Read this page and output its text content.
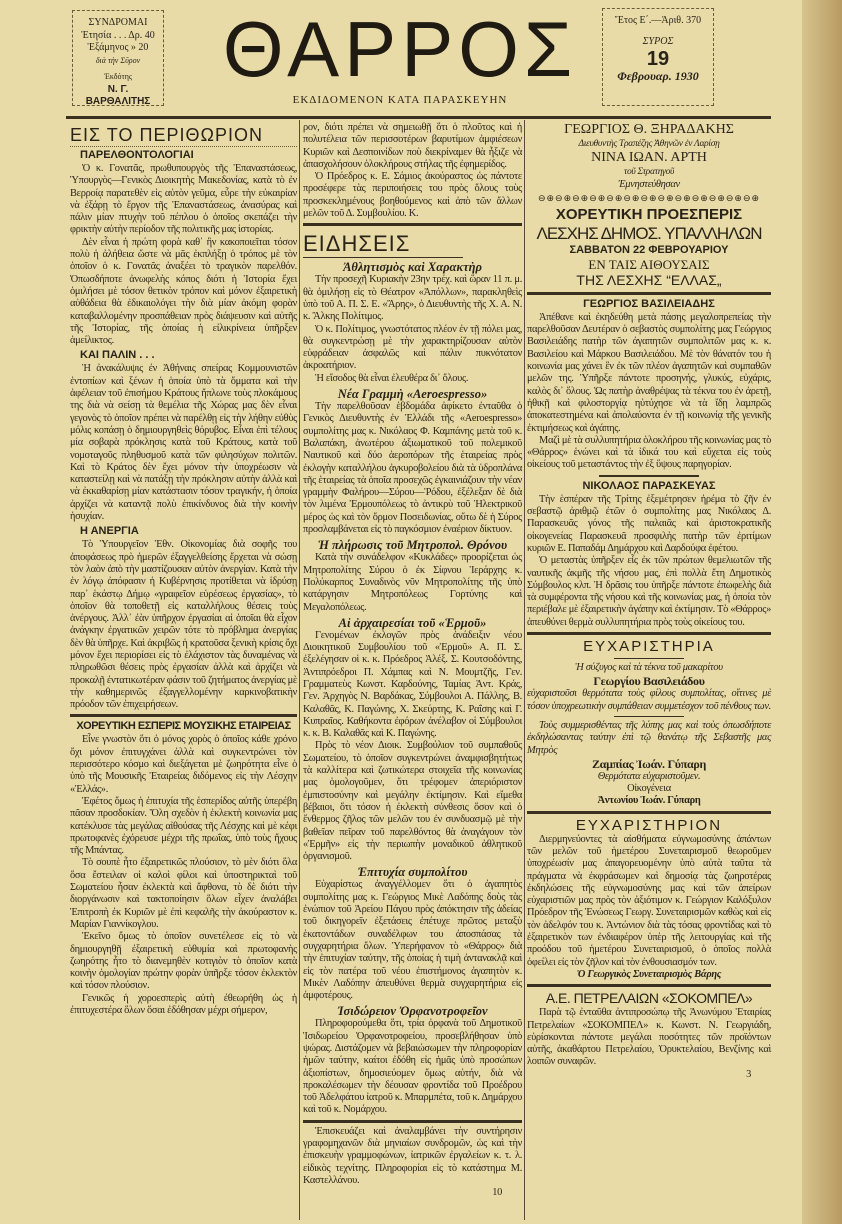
ΣΥΝΔΡΟΜΑΙ
Ἐτησία . . . Δρ. 40
Ἑξάμηνος » 20
διὰ τὴν Σῦρον
Ἐκδότης
Ν. Γ. ΒΑΡΘΑΛΙΤΗΣ
ΘΑΡΡΟΣ
ΕΚΔΙΔΟΜΕΝΟΝ ΚΑΤΑ ΠΑΡΑΣΚΕΥΗΝ
Ἔτος Ε΄.—Ἀριθ. 370
ΣΥΡΟΣ
19
Φεβρουαρ. 1930
ΕΙΣ ΤΟ ΠΕΡΙΘΩΡΙΟΝ
ΠΑΡΕΛΘΟΝΤΟΛΟΓΙΑΙ

Ὁ κ. Γονατᾶς, πρωθυπουργὸς τῆς Ἐπαναστάσεως, Ὑπουργὸς—Γενικὸς Διοικητὴς Μακεδονίας, κατὰ τὸ ἐν Βερροίᾳ παρατεθὲν εἰς αὐτὸν γεῦμα, εὗρε τὴν εὐκαιρίαν νὰ ἐξάρῃ τὸ ἔργον τῆς Ἐπαναστάσεως, ἀνασύρας καὶ πάλιν μίαν πτυχὴν τοῦ πέπλου ὁ ὁποῖος σκεπάζει τὴν φρικτὴν αὐτὴν περίοδον τῆς πολιτικῆς μας ἱστορίας.

Δὲν εἶναι ἡ πρώτη φορὰ καθ᾽ ἣν κακοποιεῖται τόσον πολὺ ἡ ἀλήθεια ὥστε νὰ μᾶς ἐκπλήξῃ ὁ τρόπος μὲ τὸν ὁποῖον ὁ κ. Γονατᾶς ἀναξέει τὸ τραγικὸν παρελθόν. Ὁπωσδήποτε ἀνωφελὴς κόπος διότι ἡ Ἱστορία ἔχει ὁμιλήσει μὲ τόσον θετικὸν τρόπον καὶ μόνον ἐξαιρετικὴ αὐθάδεια θὰ ἐδικαιολόγει τὴν διὰ μίαν ἀκόμη φορὰν καταβαλλομένην προσπάθειαν πρὸς διάψευσιν καὶ αὐτῆς τῆς Ἱστορίας, τῆς ὁποίας ἡ εἰλικρίνεια ὑπῆρξεν ἀμείλικτος.

ΚΑΙ ΠΑΛΙΝ . . .

Ἡ ἀνακάλυψις ἐν Ἀθήναις σπείρας Κομμουνιστῶν ἐντοπίων καὶ ξένων ἡ ὁποία ὑπὸ τὰ ὄμματα καὶ τὴν ἀφέλειαν τοῦ ἐπισήμου Κράτους ἤπλωνε τοὺς πλοκάμους της διὰ νὰ σείσῃ τὰ θεμέλια τῆς Χώρας μας δὲν εἶναι γεγονὸς τὸ ὁποῖον πρέπει νὰ παρέλθῃ εἰς τὴν λήθην εὐθὺς μόλις κοπάσῃ ὁ δημιουργηθεὶς θόρυβος. Εἶναι ἐπὶ τέλους μία σοβαρὰ πρόκλησις κατὰ τοῦ Κράτους, κατὰ τοῦ νομοταγοῦς πληθυσμοῦ κατὰ τῶν φιλησύχων πολιτῶν. Καὶ τὸ Κράτος δὲν ἔχει μόνον τὴν ὑποχρέωσιν νὰ καταστείλῃ καὶ νὰ πατάξῃ τὴν πρόκλησιν αὐτὴν ἀλλὰ καὶ νὰ ἐκκαθαρίσῃ μίαν κατάστασιν τόσον τραγικήν, ἡ ὁποία ἀρχίζει νὰ καταντᾷ πολὺ ἐπικίνδυνος διὰ τὴν κοινὴν ἡσυχίαν.

Η ΑΝΕΡΓΙΑ

Τὸ Ὑπουργεῖον Ἐθν. Οἰκονομίας διὰ σοφῆς του ἀποφάσεως πρὸ ἡμερῶν ἐξαγγελθείσης ἔρχεται νὰ σώσῃ τὸν λαὸν ἀπὸ τὴν μαστίζουσαν αὐτὸν ἀνεργίαν. Κατὰ τὴν ἐν λόγῳ ἀπόφασιν ἡ Κυβέρνησις προτίθεται νὰ ἱδρύσῃ παρ᾽ ἑκάστῳ Δήμῳ «γραφεῖον εὑρέσεως ἐργασίας», τὸ ὁποῖον θὰ τοποθετῇ εἰς καταλλήλους θέσεις τοὺς ἀνέργους. Ἀλλ᾽ ἐὰν ὑπῆρχον ἐργασίαι αἱ ὁποῖαι θὰ εἶχον ἀνάγκην ἐργατικῶν χειρῶν τότε τὸ πρόβλημα ἀνεργίας δὲν θὰ ὑπῆρχε. Καὶ ἀκριβῶς ἡ κρατοῦσα ξενικὴ κρίσις ὄχι μόνον ἔχει περιορίσει εἰς τὸ ἐλάχιστον τὰς δυναμένας νὰ πληρωθῶσι θέσεις πρὸς ἐργασίαν ἀλλὰ καὶ ἀρχίζει νὰ προκαλῇ ἐντατικωτέραν φάσιν τοῦ ζητήματος ἀνεργίας μὲ τὴν καθημερινῶς ἐξαγγελλομένην καρκινοβατικὴν πρόοδον τῶν ἐπιχειρήσεων.

ΧΟΡΕΥΤΙΚΗ ΕΣΠΕΡΙΣ ΜΟΥΣΙΚΗΣ ΕΤΑΙΡΕΙΑΣ

Εἶνε γνωστὸν ὅτι ὁ μόνος χορὸς ὁ ὁποῖος κάθε χρόνο ὄχι μόνον ἐπιτυγχάνει ἀλλὰ καὶ συγκεντρώνει τὸν περισσότερο κόσμο καὶ διεξάγεται μὲ ζωηρότητα εἶνε ὁ ὑπὸ τῆς Μουσικῆς Ἑταιρείας διδόμενος εἰς τὴν Λέσχην «Ἑλλάς».

Ἐφέτος ὅμως ἡ ἐπιτυχία τῆς ἑσπερίδος αὐτῆς ὑπερέβη πᾶσαν προσδοκίαν. Ὅλη σχεδὸν ἡ ἐκλεκτὴ κοινωνία μας κατέκλυσε τὰς μεγάλας αἰθούσας τῆς Λέσχης καὶ μὲ κέφι πρωτοφανὲς ἐχόρευσε μέχρι τῆς πρωΐας, ὑπὸ τοὺς ἤχους τῆς Μπάντας.

Τὸ σουπὲ ἦτο ἐξαιρετικῶς πλούσιον, τὸ μὲν διότι ὅλα ὅσα ἔστειλαν οἱ καλοὶ φίλοι καὶ ὑποστηρικταὶ τοῦ Σωματείου ἦσαν ἐκλεκτὰ καὶ ἄφθονα, τὸ δὲ διότι τὴν διοργάνωσιν καὶ τακτοποίησιν ὅλων εἶχεν ἀναλάβει Ἐπιτροπὴ ἐκ Κυριῶν μὲ ἐπὶ κεφαλῆς τὴν ἀκούραστον κ. Μαρίαν Γιαννίκογλου.

Ἐκεῖνο ὅμως τὸ ὁποῖον συνετέλεσε εἰς τὸ νὰ δημιουργηθῇ ἐξαιρετικὴ εὐθυμία καὶ πρωτοφανὴς ζωηρότης ἦτο τὸ διανεμηθὲν κοτιγιὸν τὸ ὁποῖον κατὰ κοινὴν ὁμολογίαν πρώτην φορὰν ὑπῆρξε τόσον ἐκλεκτὸν καὶ τόσον πλούσιον.

Γενικῶς ἡ χοροεσπερὶς αὐτὴ ἐθεωρήθη ὡς ἡ ἐπιτυχεστέρα ὅλων ὅσαι ἐδόθησαν μέχρι σήμερον,

ρον, διότι πρέπει νὰ σημειωθῇ ὅτι ὁ πλοῦτος καὶ ἡ πολυτέλεια τῶν περισσοτέρων βαρυτίμων ἀμφιέσεων Κυριῶν καὶ Δεσποινίδων ποὺ διεκρίναμεν θὰ ἦξιζε νὰ ἀπασχολήσουν ὁλοκλήρους στήλας τῆς ἐφημερίδος.

Ὁ Πρόεδρος κ. Ε. Σάμιος ἀκούραστος ὡς πάντοτε προσέφερε τὰς περιποιήσεις του πρὸς ὅλους τοὺς προσκεκλημένους βοηθούμενος καὶ ἀπὸ τῶν ἄλλων μελῶν τοῦ Δ. Συμβουλίου. Κ.

ΕΙΔΗΣΕΙΣ
Ἀθλητισμὸς καὶ Χαρακτὴρ

Τὴν προσεχῆ Κυριακὴν 23ην τρέχ. καὶ ὥραν 11 π. μ. θὰ ὁμιλήσῃ εἰς τὸ Θέατρον «Ἀπόλλων», παρακληθεὶς ὑπὸ τοῦ Α. Π. Σ. Ε. «Ἄρης», ὁ Διευθυντὴς τῆς Χ. Α. Ν. κ. Ἄλκης Πολίτιμος.

Ὁ κ. Πολίτιμος, γνωστότατος πλέον ἐν τῇ πόλει μας, θὰ συγκεντρώσῃ μὲ τὴν χαρακτηρίζουσαν αὐτὸν εὐφράδειαν ἀσφαλῶς καὶ πάλιν πυκνότατον ἀκροατήριον.

Ἡ εἴσοδος θὰ εἶναι ἐλευθέρα δι᾽ ὅλους.

Νέα Γραμμὴ «Aeroespresso»

Τὴν παρελθοῦσαν ἑβδομάδα ἀφίκετο ἐνταῦθα ὁ Γενικὸς Διευθυντὴς ἐν Ἑλλάδι τῆς «Aeroespresso» συμπολίτης μας κ. Νικόλαος Φ. Καμπάνης μετὰ τοῦ κ. Βαλαπάκη, ἀνωτέρου ἀξιωματικοῦ τοῦ πολεμικοῦ Ναυτικοῦ καὶ δύο ἀεροπόρων τῆς ἑταιρείας πρὸς ἐκλογὴν καταλλήλου ἀγκυροβολείου διὰ τὰ ὑδροπλάνα τῆς ἑταιρείας τὰ ὁποῖα προσεχῶς ἐγκαινιάζουν τὴν νέαν γραμμὴν Φαλήρου—Σύρου—Ῥόδου, ἐξέλεξαν δὲ διὰ τὸν λιμένα Ἑρμουπόλεως τὸ ἀντικρὺ τοῦ Ἠλεκτρικοῦ μέρος ὡς καὶ τὸν ὅρμον Ποσειδωνίας, οὕτω δὲ ἡ Σύρος προσλαμβάνεται εἰς τὸ παγκόσμιον ἐναέριον δίκτυον.

Ἡ πλήρωσις τοῦ Μητροπολ. Θρόνου

Κατὰ τὴν συνάδελφον «Κυκλάδες» προορίζεται ὡς Μητροπολίτης Σύρου ὁ ἐκ Σίφνου Ἱεράρχης κ. Πολύκαρπος Συναδινὸς νῦν Μητροπολίτης τῆς ὑπὸ κατάργησιν Μητροπόλεως Γορτύνης καὶ Μεγαλοπόλεως.

Αἱ ἀρχαιρεσίαι τοῦ «Ἑρμοῦ»

Γενομένων ἐκλογῶν πρὸς ἀνάδειξιν νέου Διοικητικοῦ Συμβουλίου τοῦ «Ἑρμοῦ» Α. Π. Σ. ἐξελέγησαν οἱ κ. κ. Πρόεδρος Ἀλέξ. Σ. Κουτσοδόντης, Ἀντιπρόεδροι Π. Χάμπας καὶ Ν. Μουμτζῆς, Γεν. Γραμματεὺς Κωνστ. Καρδούνης, Ταμίας Ἀντ. Κράς, Γεν. Ἀρχηγὸς Ν. Βαρδάκας, Σύμβουλοι Α. Πάλλης, Β. Καλαθᾶς, Κ. Παγώνης, Χ. Σκεύρτης, Κ. Ραΐσης καὶ Γ. Κυπραῖος. Καθήκοντα ἐφόρων ἀνέλαβον οἱ Σύμβουλοι κ. κ. Β. Καλαθᾶς καὶ Κ. Παγώνης.

Πρὸς τὸ νέον Διοικ. Συμβούλιον τοῦ συμπαθοῦς Σωματείου, τὸ ὁποῖον συγκεντρώνει ἀναμφισβητήτως τὰ καλλίτερα καὶ ζωτικώτερα στοιχεῖα τῆς κοινωνίας μας ὁμολογοῦμεν, ὅτι τρέφομεν ἀπεριόριστον ἐμπιστοσύνην καὶ μεγάλην ἐκτίμησιν. Καὶ εἴμεθα βέβαιοι, ὅτι τόσον ἡ ἐκλεκτὴ σύνθεσις ὅσον καὶ ὁ ἔνθερμος ζῆλος τῶν μελῶν του ἐν συνδυασμῷ μὲ τὴν βαθεῖαν πεῖραν τοῦ παρελθόντος θὰ ἀναγάγουν τὸν «Ἑρμῆν» εἰς τὴν περιωπὴν μοναδικοῦ ἀθλητικοῦ ὀργανισμοῦ.

Ἐπιτυχία συμπολίτου

Εὐχαρίστως ἀναγγέλλομεν ὅτι ὁ ἀγαπητὸς συμπολίτης μας κ. Γεώργιος Μικὲ Λαδόπης δοὺς τὰς ἐνώπιον τοῦ Ἀρείου Πάγου πρὸς ἀπόκτησιν τῆς ἀδείας τοῦ δικηγορεῖν ἐξετάσεις ἐπέτυχε πρῶτος μεταξὺ ἑκατοντάδων συναδέλφων του ἀποσπάσας τὰ συγχαρητήρια ὅλων. Ὑπερήφανον τὸ «Θάρρος» διὰ τὴν ἐπιτυχίαν ταύτην, τῆς ὁποίας ἡ τιμὴ ἀντανακλᾷ καὶ εἰς τὸν πατέρα τοῦ νέου ἐπιστήμονος ἀγαπητὸν κ. Μικὲν Λαδόπην ἀπευθύνει θερμὰ συγχαρητήρια εἰς ἀμφοτέρους.

Ἰσιδώρειον Ὀρφανοτροφεῖον

Πληροφορούμεθα ὅτι, τρία ὀρφανὰ τοῦ Δημοτικοῦ Ἰσιδωρείου Ὀρφανοτροφείου, προσεβλήθησαν ὑπὸ ψώρας. Διστάζομεν νὰ βεβαιώσωμεν τὴν πληροφορίαν ἡμῶν ταύτην, καίτοι ἐδόθη εἰς ἡμᾶς ὑπὸ προσώπων ἀξιοπίστων, δημοσιεύομεν ὅμως αὐτήν, διὰ νὰ προκαλέσωμεν τὴν δέουσαν φροντίδα τοῦ Προέδρου τοῦ Ἀδελφάτου ἰατροῦ κ. Μπαρμπέτα, τοῦ κ. Δημάρχου καὶ τοῦ κ. Νομάρχου.

Ἐπισκευάζει καὶ ἀναλαμβάνει τὴν συντήρησιν γραφομηχανῶν διὰ μηνιαίων συνδρομῶν, ὡς καὶ τὴν ἐπισκευὴν γραμμοφώνων, ἰατρικῶν ἐργαλείων κ. τ. λ. εἰδικὸς τεχνίτης. Πληροφορίαι εἰς τὸ κατάστημα Μ. Καστελλάνου.

10
ΓΕΩΡΓΙΟΣ Θ. ΞΗΡΑΔΑΚΗΣ
Διευθυντὴς Τραπέζης Ἀθηνῶν ἐν Λαρίσῃ
ΝΙΝΑ ΙΩΑΝ. ΑΡΤΗ
τοῦ Στρατηγοῦ
Ἐμνηστεύθησαν
⊖⊕⊖⊕⊖⊕⊖⊕⊖⊕⊖⊕⊖⊕⊖⊕⊖⊕⊖⊕⊖⊕⊖⊕⊖⊕
ΧΟΡΕΥΤΙΚΗ ΠΡΟΕΣΠΕΡΙΣ
ΛΕΣΧΗΣ ΔΗΜΟΣ. ΥΠΑΛΛΗΛΩΝ
ΣΑΒΒΑΤΟΝ 22 ΦΕΒΡΟΥΑΡΙΟΥ
ΕΝ ΤΑΙΣ ΑΙΘΟΥΣΑΙΣ
ΤΗΣ ΛΕΣΧΗΣ “ΕΛΛΑΣ„
ΓΕΩΡΓΙΟΣ ΒΑΣΙΛΕΙΑΔΗΣ

Ἀπέθανε καὶ ἐκηδεύθη μετὰ πάσης μεγαλοπρεπείας τὴν παρελθοῦσαν Δευτέραν ὁ σεβαστὸς συμπολίτης μας Γεώργιος Βασιλειάδης πατὴρ τῶν ἀγαπητῶν συμπολιτῶν μας κ. κ. Βασιλείου καὶ Μάρκου Βασιλειάδου. Μὲ τὸν θάνατόν του ἡ κοινωνία μας χάνει ἓν ἐκ τῶν πλέον ἀγαπητῶν καὶ συμπαθῶν μελῶν της. Ὑπῆρξε πάντοτε προσηνής, γλυκύς, εὐχάρις, καλὸς δι᾽ ὅλους. Ὡς πατὴρ ἀναθρέψας τὰ τέκνα του ἐν ἀρετῇ, ἠθικῇ καὶ φιλοστοργίᾳ ηὐτύχησε νὰ τὰ ἴδῃ λαμπρῶς ἀποκατεστημένα καὶ ἀπολαύοντα ἐν τῇ κοινωνίᾳ τῆς γενικῆς ἐκτιμήσεως καὶ ἀγάπης.

Μαζὶ μὲ τὰ συλλυπητήρια ὁλοκλήρου τῆς κοινωνίας μας τὸ «Θάρρος» ἑνώνει καὶ τὰ ἰδικά του καὶ εὔχεται εἰς τοὺς οἰκείους τοῦ μεταστάντος τὴν ἐξ ὕψους παρηγορίαν.

ΝΙΚΟΛΑΟΣ ΠΑΡΑΣΚΕΥΑΣ

Τὴν ἑσπέραν τῆς Τρίτης ἐξεμέτρησεν ἠρέμα τὸ ζῆν ἐν σεβαστῷ ἀριθμῷ ἐτῶν ὁ συμπολίτης μας Νικόλαος Δ. Παρασκευᾶς γόνος τῆς παλαιᾶς καὶ ἀριστοκρατικῆς οἰκογενείας Παρασκευᾶ προσφιλὴς πατὴρ τῶν ἐριτίμων κυριῶν Ε. Παπαδάμ Δημάρχου καὶ Δαρδούφα ἐφέτου.

Ὁ μεταστὰς ὑπῆρξεν εἷς ἐκ τῶν πρώτων θεμελιωτῶν τῆς ναυτικῆς ἀκμῆς τῆς νήσου μας, ἐπὶ πολλὰ ἔτη Δημοτικὸς Σύμβουλος κλπ. Ἡ δρᾶσις του ὑπῆρξε πάντοτε ἐπωφελὴς διὰ τὰ συμφέροντα τῆς νήσου καὶ τῆς κοινωνίας μας, ἡ ὁποία τὸν περιέβαλε μὲ ἐξαιρετικὴν ἀγάπην καὶ ἐκτίμησιν. Τὸ «Θάρρος» ἀπευθύνει θερμὰ συλλυπητήρια πρὸς τοὺς οἰκείους του.

ΕΥΧΑΡΙΣΤΗΡΙΑ
Ἡ σύζυγος καὶ τὰ τέκνα τοῦ μακαρίτου
Γεωργίου Βασιλειάδου
εὐχαριστοῦσι θερμότατα τοὺς φίλους συμπολίτας, οἵτινες μὲ τόσον ὑποχρεωτικὴν συμπάθειαν συμμετέσχον τοῦ πένθους των.
Τοὺς συμμερισθέντας τῆς λύπης μας καὶ τοὺς ὁπωσδήποτε ἐκδηλώσαντας ταύτην ἐπὶ τῷ θανάτῳ τῆς Σεβαστῆς μας Μητρὸς
Ζαμπίας Ἰωάν. Γύπαρη
Θερμότατα εὐχαριστοῦμεν.
Οἰκογένεια
Ἀντωνίου Ἰωάν. Γύπαρη
ΕΥΧΑΡΙΣΤΗΡΙΟΝ

Διερμηνεύοντες τὰ αἰσθήματα εὐγνωμοσύνης ἁπάντων τῶν μελῶν τοῦ ἡμετέρου Συνεταιρισμοῦ θεωροῦμεν ὑποχρέωσίν μας ἀπαγορευομένην ὑπὸ αὐτὰ ταῦτα τὰ πράγματα νὰ ἐκφράσωμεν καὶ δημοσίᾳ τὰς ζωηροτέρας ἐκδηλώσεις τῆς εὐγνωμοσύνης μας καὶ τῶν ἀπείρων εὐχαριστιῶν μας πρὸς τὸν ἀξιότιμον κ. Γεώργιον Καλόξυλον Πρόεδρον τῆς Ἑνώσεως Γεωργ. Συνεταιρισμῶν καθὼς καὶ εἰς τὸν ἀδελφόν του κ. Ἀντώνιον διὰ τὰς τόσας φροντίδας καὶ τὸ ἐξαιρετικὸν των ἐνδιαφέρον ὑπὲρ τῆς λειτουργίας καὶ τῆς προόδου τοῦ ἡμετέρου Συνεταιρισμοῦ, ὁ ὁποῖος πολλὰ ὀφείλει εἰς τὸν ζῆλον καὶ τὸν ἐνθουσιασμόν των.

Ὁ Γεωργικὸς Συνεταιρισμὸς Βάρης
Α.Ε. ΠΕΤΡΕΛΑΙΩΝ «ΣΟΚΟΜΠΕΛ»

Παρὰ τῷ ἐνταῦθα ἀντιπροσώπῳ τῆς Ἀνωνύμου Ἑταιρίας Πετρελαίων «ΣΟΚΟΜΠΕΛ» κ. Κωνστ. Ν. Γεωργιάδη, εὑρίσκονται πάντοτε μεγάλαι ποσότητες τῶν προϊόντων αὐτῆς, ἀκαθάρτου Πετρελαίου, Ὀρυκτελαίου, Βενζίνης καὶ λοιπῶν συναφῶν.

3
